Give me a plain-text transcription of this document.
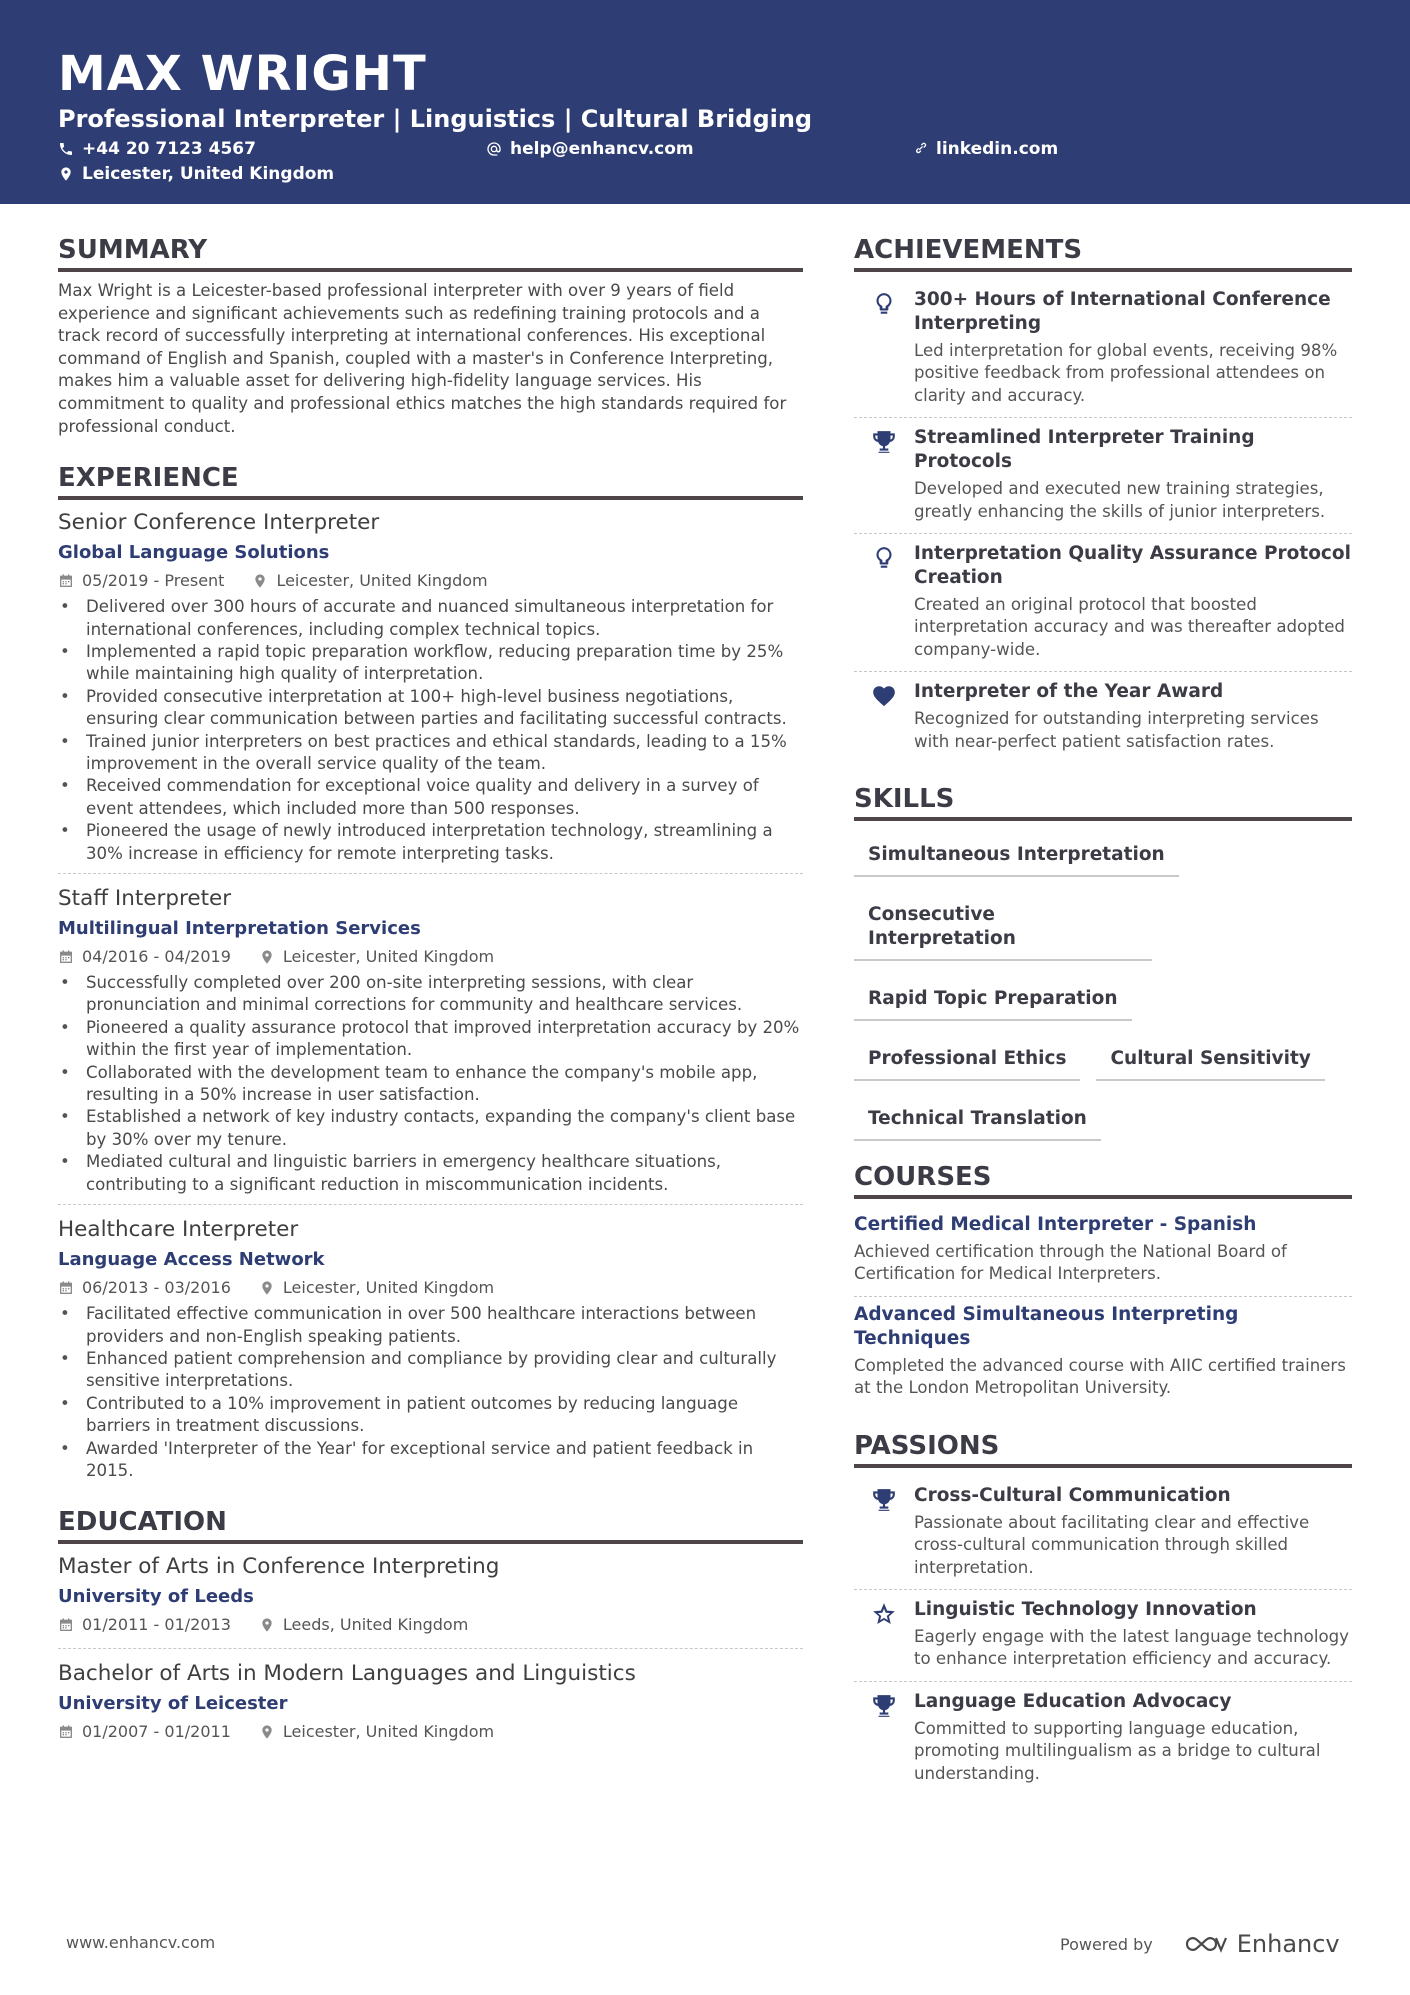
MAX WRIGHT
Professional Interpreter | Linguistics | Cultural Bridging
+44 20 7123 4567	help@enhancv.com	linkedin.com
Leicester, United Kingdom
SUMMARY

Max Wright is a Leicester-based professional interpreter with over 9 years of field experience and significant achievements such as redefining training protocols and a track record of successfully interpreting at international conferences. His exceptional command of English and Spanish, coupled with a master's in Conference Interpreting, makes him a valuable asset for delivering high-fidelity language services. His commitment to quality and professional ethics matches the high standards required for professional conduct.

EXPERIENCE
Senior Conference Interpreter
Global Language Solutions
05/2019 - Present	Leicester, United Kingdom
• Delivered over 300 hours of accurate and nuanced simultaneous interpretation for international conferences, including complex technical topics.
• Implemented a rapid topic preparation workflow, reducing preparation time by 25% while maintaining high quality of interpretation.
• Provided consecutive interpretation at 100+ high-level business negotiations, ensuring clear communication between parties and facilitating successful contracts.
• Trained junior interpreters on best practices and ethical standards, leading to a 15% improvement in the overall service quality of the team.
• Received commendation for exceptional voice quality and delivery in a survey of event attendees, which included more than 500 responses.
• Pioneered the usage of newly introduced interpretation technology, streamlining a 30% increase in efficiency for remote interpreting tasks.
Staff Interpreter
Multilingual Interpretation Services
04/2016 - 04/2019	Leicester, United Kingdom
• Successfully completed over 200 on-site interpreting sessions, with clear pronunciation and minimal corrections for community and healthcare services.
• Pioneered a quality assurance protocol that improved interpretation accuracy by 20% within the first year of implementation.
• Collaborated with the development team to enhance the company's mobile app, resulting in a 50% increase in user satisfaction.
• Established a network of key industry contacts, expanding the company's client base by 30% over my tenure.
• Mediated cultural and linguistic barriers in emergency healthcare situations, contributing to a significant reduction in miscommunication incidents.
Healthcare Interpreter
Language Access Network
06/2013 - 03/2016	Leicester, United Kingdom
• Facilitated effective communication in over 500 healthcare interactions between providers and non-English speaking patients.
• Enhanced patient comprehension and compliance by providing clear and culturally sensitive interpretations.
• Contributed to a 10% improvement in patient outcomes by reducing language barriers in treatment discussions.
• Awarded 'Interpreter of the Year' for exceptional service and patient feedback in 2015.
EDUCATION
Master of Arts in Conference Interpreting
University of Leeds
01/2011 - 01/2013	Leeds, United Kingdom
Bachelor of Arts in Modern Languages and Linguistics
University of Leicester
01/2007 - 01/2011	Leicester, United Kingdom
ACHIEVEMENTS
300+ Hours of International Conference Interpreting
Led interpretation for global events, receiving 98% positive feedback from professional attendees on clarity and accuracy.
Streamlined Interpreter Training Protocols
Developed and executed new training strategies, greatly enhancing the skills of junior interpreters.
Interpretation Quality Assurance Protocol Creation
Created an original protocol that boosted interpretation accuracy and was thereafter adopted company-wide.
Interpreter of the Year Award
Recognized for outstanding interpreting services with near-perfect patient satisfaction rates.
SKILLS
Simultaneous Interpretation
Consecutive Interpretation
Rapid Topic Preparation
Professional Ethics	Cultural Sensitivity
Technical Translation
COURSES
Certified Medical Interpreter - Spanish
Achieved certification through the National Board of Certification for Medical Interpreters.
Advanced Simultaneous Interpreting Techniques
Completed the advanced course with AIIC certified trainers at the London Metropolitan University.
PASSIONS
Cross-Cultural Communication
Passionate about facilitating clear and effective cross-cultural communication through skilled interpretation.
Linguistic Technology Innovation
Eagerly engage with the latest language technology to enhance interpretation efficiency and accuracy.
Language Education Advocacy
Committed to supporting language education, promoting multilingualism as a bridge to cultural understanding.
www.enhancv.com	Powered by	Enhancv
